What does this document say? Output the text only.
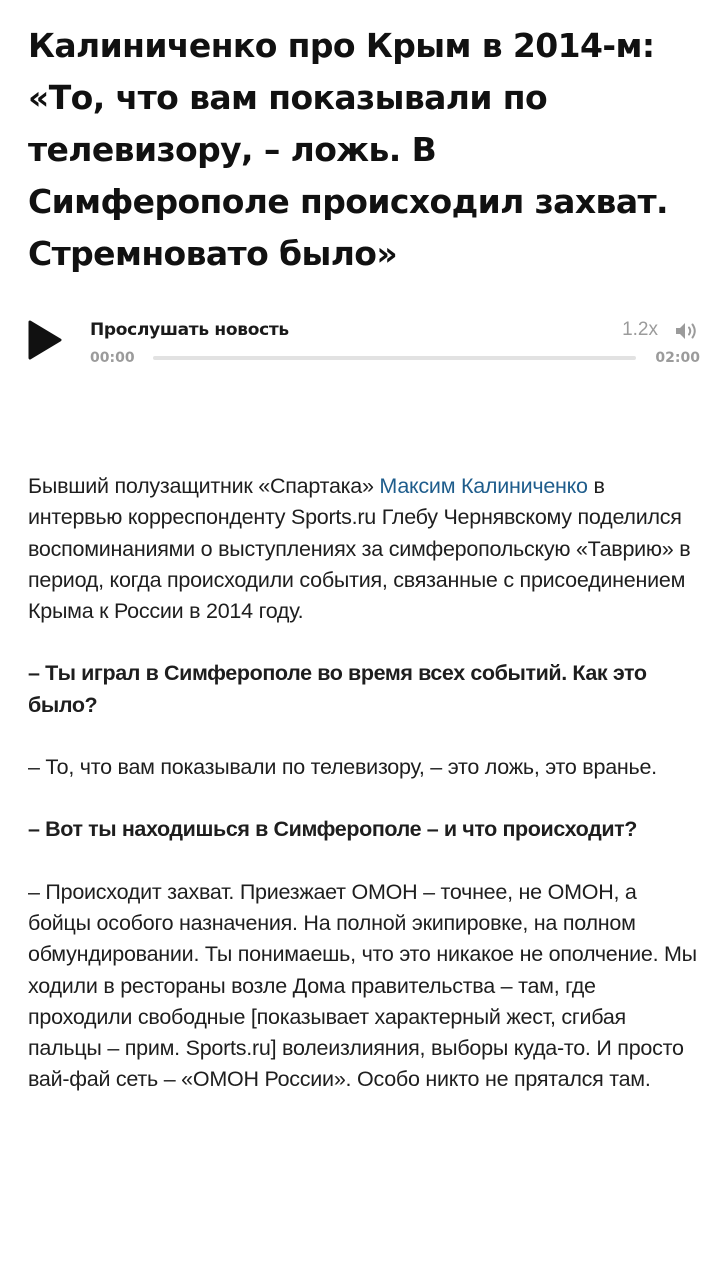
Калиниченко про Крым в 2014-м: «То, что вам показывали по телевизору, – ложь. В Симферополе происходил захват. Стремновато было»
Прослушать новость	1.2x
00:00	02:00

Бывший полузащитник «Спартака» Максим Калиниченко в интервью корреспонденту Sports.ru Глебу Чернявскому поделился воспоминаниями о выступлениях за симферопольскую «Таврию» в период, когда происходили события, связанные с присоединением Крыма к России в 2014 году.

– Ты играл в Симферополе во время всех событий. Как это было?

– То, что вам показывали по телевизору, – это ложь, это вранье.

– Вот ты находишься в Симферополе – и что происходит?

– Происходит захват. Приезжает ОМОН – точнее, не ОМОН, а бойцы особого назначения. На полной экипировке, на полном обмундировании. Ты понимаешь, что это никакое не ополчение. Мы ходили в рестораны возле Дома правительства – там, где проходили свободные [показывает характерный жест, сгибая пальцы – прим. Sports.ru] волеизлияния, выборы куда-то. И просто вай-фай сеть – «ОМОН России». Особо никто не прятался там.
